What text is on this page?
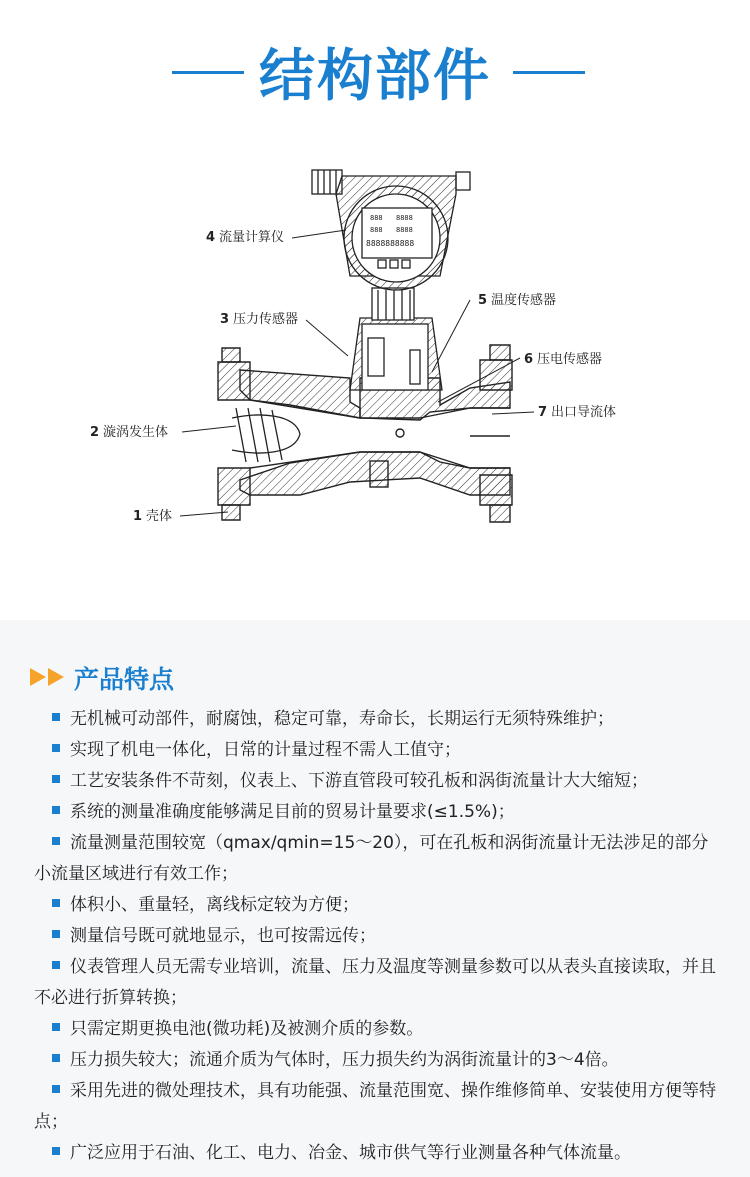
结构部件
888 8888
888 8888
8888888888
4 流量计算仪
5 温度传感器
3 压力传感器
6 压电传感器
7 出口导流体
2 漩涡发生体
1 壳体
产品特点
无机械可动部件，耐腐蚀，稳定可靠，寿命长，长期运行无须特殊维护；
实现了机电一体化，日常的计量过程不需人工值守；
工艺安装条件不苛刻，仪表上、下游直管段可较孔板和涡街流量计大大缩短；
系统的测量准确度能够满足目前的贸易计量要求(≤1.5%)；
流量测量范围较宽（qmax/qmin=15～20），可在孔板和涡街流量计无法涉足的部分小流量区域进行有效工作；
体积小、重量轻，离线标定较为方便；
测量信号既可就地显示，也可按需远传；
仪表管理人员无需专业培训，流量、压力及温度等测量参数可以从表头直接读取，并且不必进行折算转换；
只需定期更换电池(微功耗)及被测介质的参数。
压力损失较大；流通介质为气体时，压力损失约为涡街流量计的3～4倍。
采用先进的微处理技术，具有功能强、流量范围宽、操作维修简单、安装使用方便等特点；
广泛应用于石油、化工、电力、冶金、城市供气等行业测量各种气体流量。
